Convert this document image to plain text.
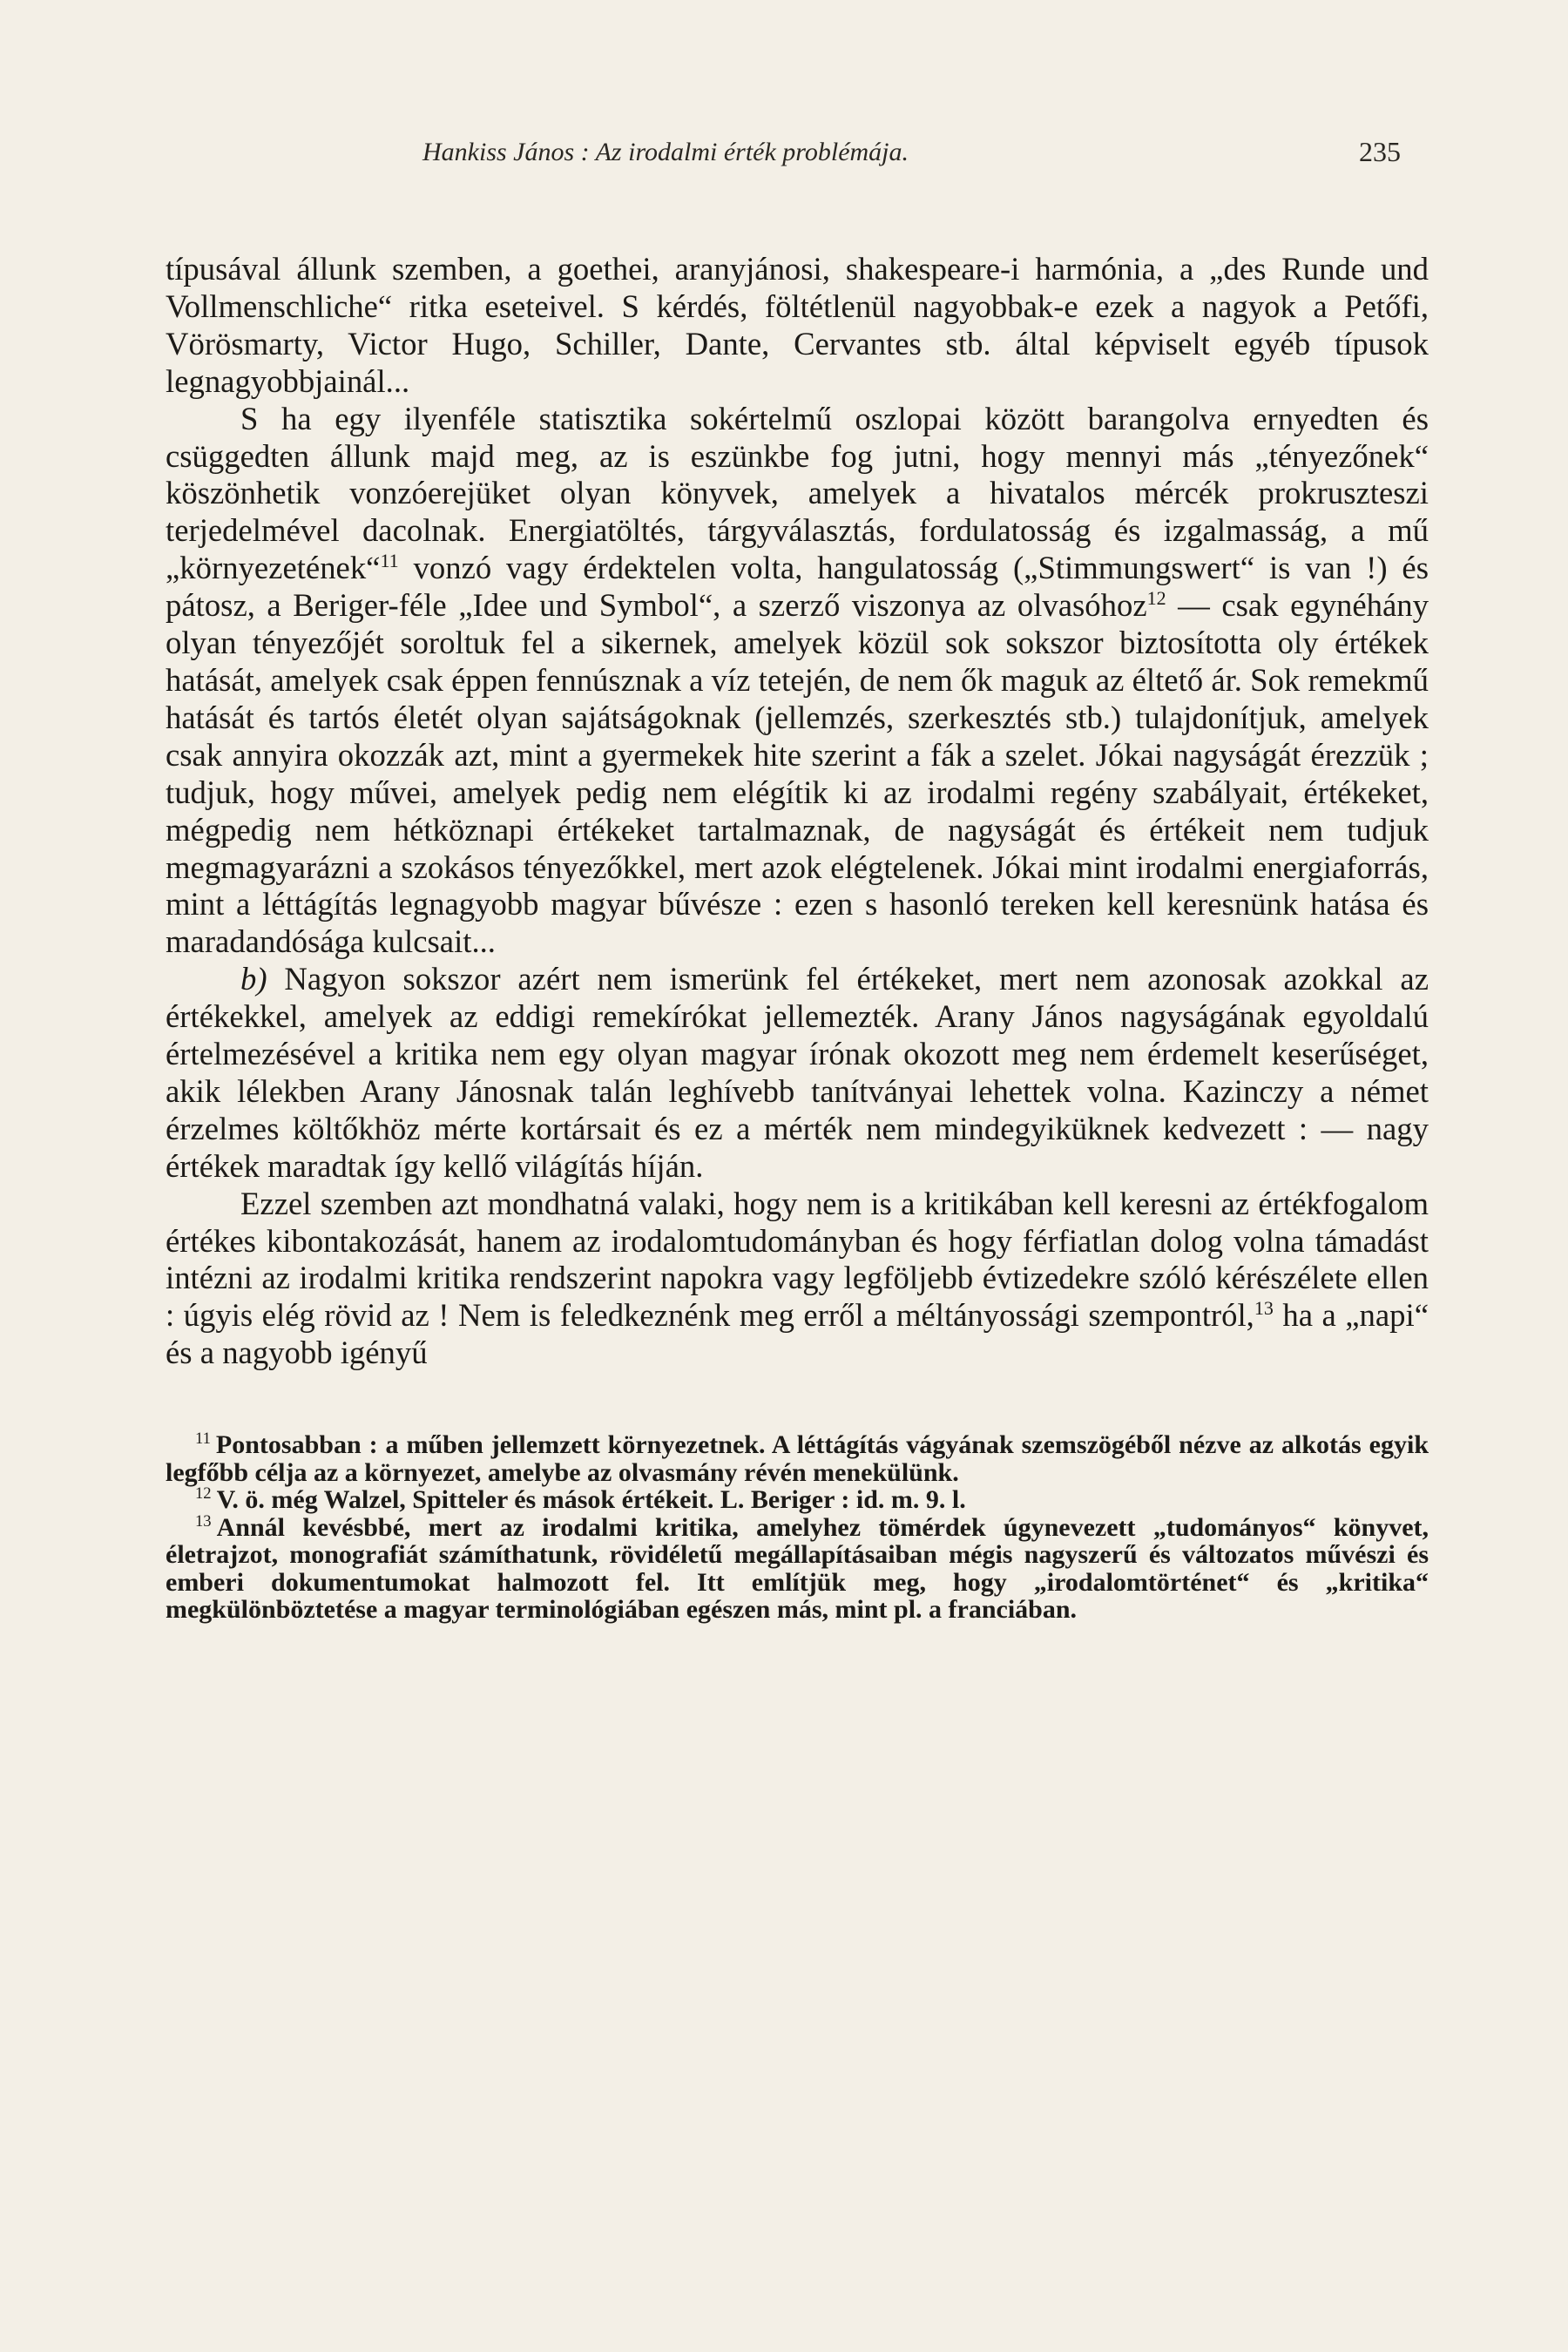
Hankiss János : Az irodalmi érték problémája.	235

típusával állunk szemben, a goethei, aranyjánosi, shakespeare-i harmónia, a „des Runde und Vollmenschliche“ ritka eseteivel. S kérdés, föltétlenül nagyobbak-e ezek a nagyok a Petőfi, Vörösmarty, Victor Hugo, Schiller, Dante, Cervantes stb. által képviselt egyéb típusok legnagyobbjainál...

S ha egy ilyenféle statisztika sokértelmű oszlopai között barangolva ernyedten és csüggedten állunk majd meg, az is eszünkbe fog jutni, hogy mennyi más „tényezőnek“ köszönhetik vonzóerejüket olyan könyvek, amelyek a hivatalos mércék prokruszteszi terjedelmével dacolnak. Energiatöltés, tárgyválasztás, fordulatosság és izgalmasság, a mű „környezetének“$^{11}$ vonzó vagy érdektelen volta, hangulatosság („Stimmungswert“ is van !) és pátosz, a Beriger-féle „Idee und Symbol“, a szerző viszonya az olvasóhoz$^{12}$ — csak egynéhány olyan tényezőjét soroltuk fel a sikernek, amelyek közül sok sokszor biztosította oly értékek hatását, amelyek csak éppen fennúsznak a víz tetején, de nem ők maguk az éltető ár. Sok remekmű hatását és tartós életét olyan sajátságoknak (jellemzés, szerkesztés stb.) tulajdonítjuk, amelyek csak annyira okozzák azt, mint a gyermekek hite szerint a fák a szelet. Jókai nagyságát érezzük ; tudjuk, hogy művei, amelyek pedig nem elégítik ki az irodalmi regény szabályait, értékeket, mégpedig nem hétköznapi értékeket tartalmaznak, de nagyságát és értékeit nem tudjuk megmagyarázni a szokásos tényezőkkel, mert azok elégtelenek. Jókai mint irodalmi energiaforrás, mint a léttágítás legnagyobb magyar bűvésze : ezen s hasonló tereken kell keresnünk hatása és maradandósága kulcsait...

b) Nagyon sokszor azért nem ismerünk fel értékeket, mert nem azonosak azokkal az értékekkel, amelyek az eddigi remekírókat jellemezték. Arany János nagyságának egyoldalú értelmezésével a kritika nem egy olyan magyar írónak okozott meg nem érdemelt keserűséget, akik lélekben Arany Jánosnak talán leghívebb tanítványai lehettek volna. Kazinczy a német érzelmes költőkhöz mérte kortársait és ez a mérték nem mindegyiküknek kedvezett : — nagy értékek maradtak így kellő világítás híján.

Ezzel szemben azt mondhatná valaki, hogy nem is a kritikában kell keresni az értékfogalom értékes kibontakozását, hanem az irodalomtudományban és hogy férfiatlan dolog volna támadást intézni az irodalmi kritika rendszerint napokra vagy legföljebb évtizedekre szóló kérészélete ellen : úgyis elég rövid az ! Nem is feledkeznénk meg erről a méltányossági szempontról,$^{13}$ ha a „napi“ és a nagyobb igényű

$^{11}$ Pontosabban : a műben jellemzett környezetnek. A léttágítás vágyának szemszögéből nézve az alkotás egyik legfőbb célja az a környezet, amelybe az olvasmány révén menekülünk.

$^{12}$ V. ö. még Walzel, Spitteler és mások értékeit. L. Beriger : id. m. 9. l.

$^{13}$ Annál kevésbbé, mert az irodalmi kritika, amelyhez tömérdek úgynevezett „tudományos“ könyvet, életrajzot, monografiát számíthatunk, rövidéletű megállapításaiban mégis nagyszerű és változatos művészi és emberi dokumentumokat halmozott fel. Itt említjük meg, hogy „irodalomtörténet“ és „kritika“ megkülönböztetése a magyar terminológiában egészen más, mint pl. a franciában.
